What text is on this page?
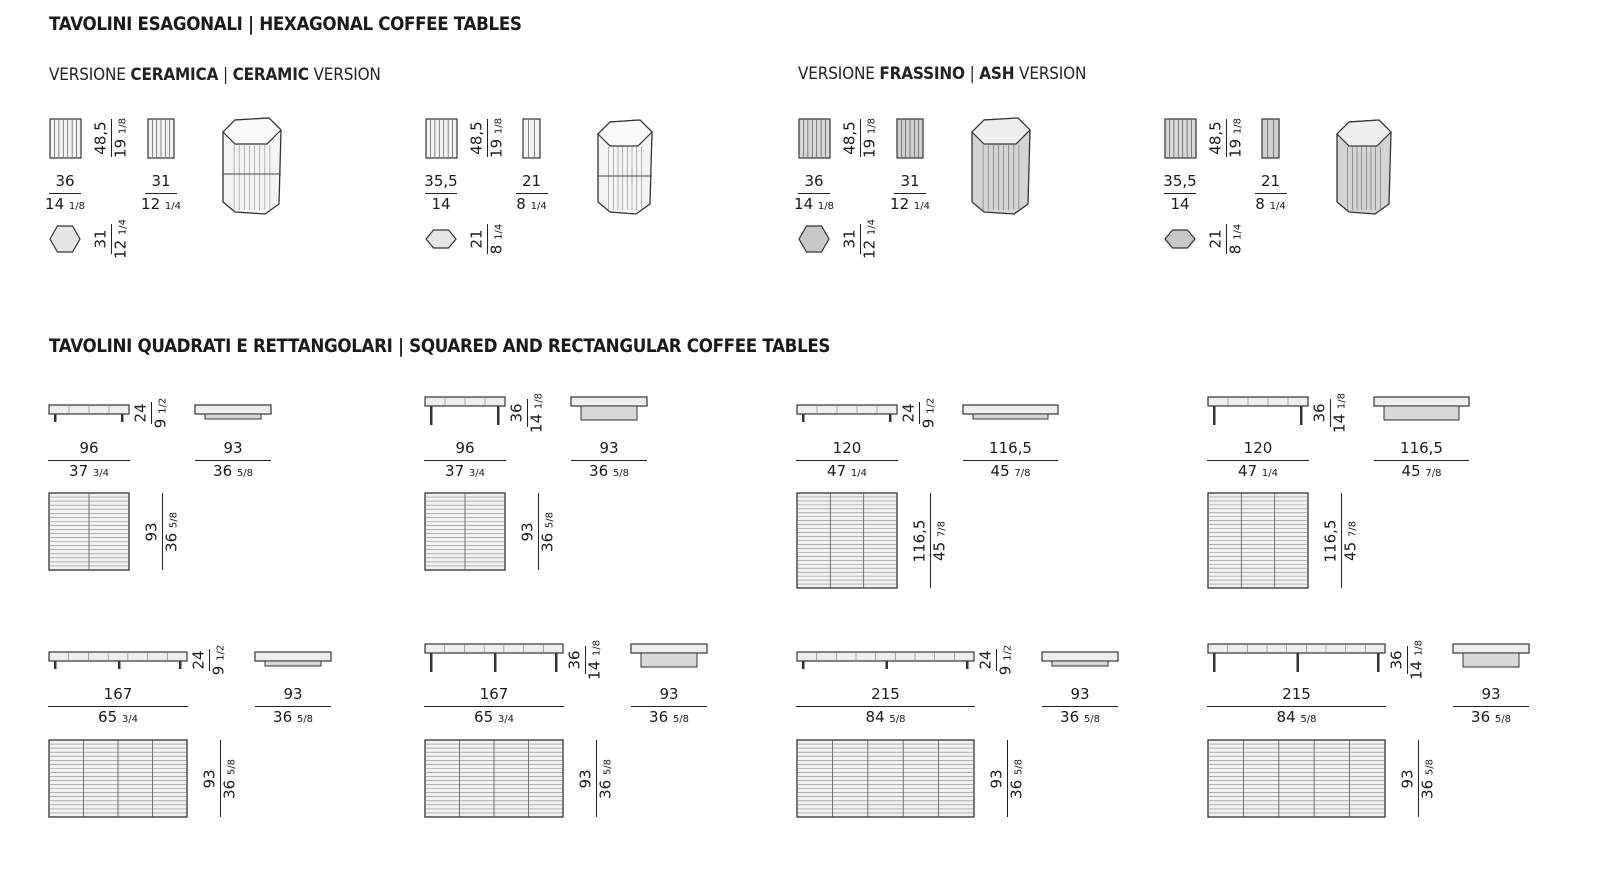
TAVOLINI ESAGONALI | HEXAGONAL COFFEE TABLES
VERSIONE CERAMICA | CERAMIC VERSION	VERSIONE FRASSINO | ASH VERSION
TAVOLINI QUADRATI E RETTANGOLARI | SQUARED AND RECTANGULAR COFFEE TABLES
48,5 19 1/8
36
14 1/8
31
12 1/4
31 12 1/4
48,5 19 1/8
35,5
14
21
8 1/4
21 8 1/4
48,5 19 1/8
36
14 1/8
31
12 1/4
31 12 1/4
48,5 19 1/8
35,5
14
21
8 1/4
21 8 1/4
24 9 1/2
96
37 3/4
93
36 5/8
93 36 5/8
24 9 1/2
167
65 3/4
93
36 5/8
93 36 5/8
36 14 1/8
96
37 3/4
93
36 5/8
93 36 5/8
36 14 1/8
167
65 3/4
93
36 5/8
93 36 5/8
24 9 1/2
120
47 1/4
116,5
45 7/8
116,5 45 7/8
24 9 1/2
215
84 5/8
93
36 5/8
93 36 5/8
36 14 1/8
120
47 1/4
116,5
45 7/8
116,5 45 7/8
36 14 1/8
215
84 5/8
93
36 5/8
93 36 5/8
